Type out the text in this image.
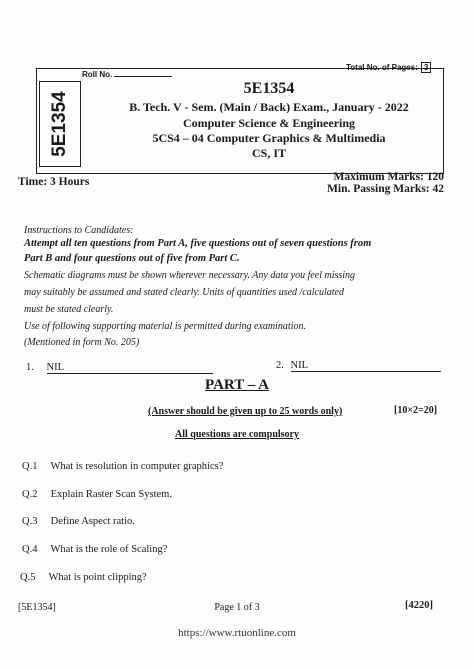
5E1354
Roll No.
Total No. of Pages: 3
5E1354
B. Tech. V - Sem. (Main / Back) Exam., January - 2022
Computer Science & Engineering
5CS4 – 04 Computer Graphics & Multimedia
CS, IT
Time: 3 Hours	Maximum Marks: 120
Min. Passing Marks: 42
Instructions to Candidates:
Attempt all ten questions from Part A, five questions out of seven questions from
Part B and four questions out of five from Part C.
Schematic diagrams must be shown wherever necessary. Any data you feel missing
may suitably be assumed and stated clearly. Units of quantities used /calculated
must be stated clearly.
Use of following supporting material is permitted during examination.
(Mentioned in form No. 205)
1. NIL	2. NIL
PART – A
(Answer should be given up to 25 words only)	[10×2=20]
All questions are compulsory
Q.1 What is resolution in computer graphics?
Q.2 Explain Raster Scan System.
Q.3 Define Aspect ratio.
Q.4 What is the role of Scaling?
Q.5 What is point clipping?
[5E1354]	Page 1 of 3	[4220]
https://www.rtuonline.com
